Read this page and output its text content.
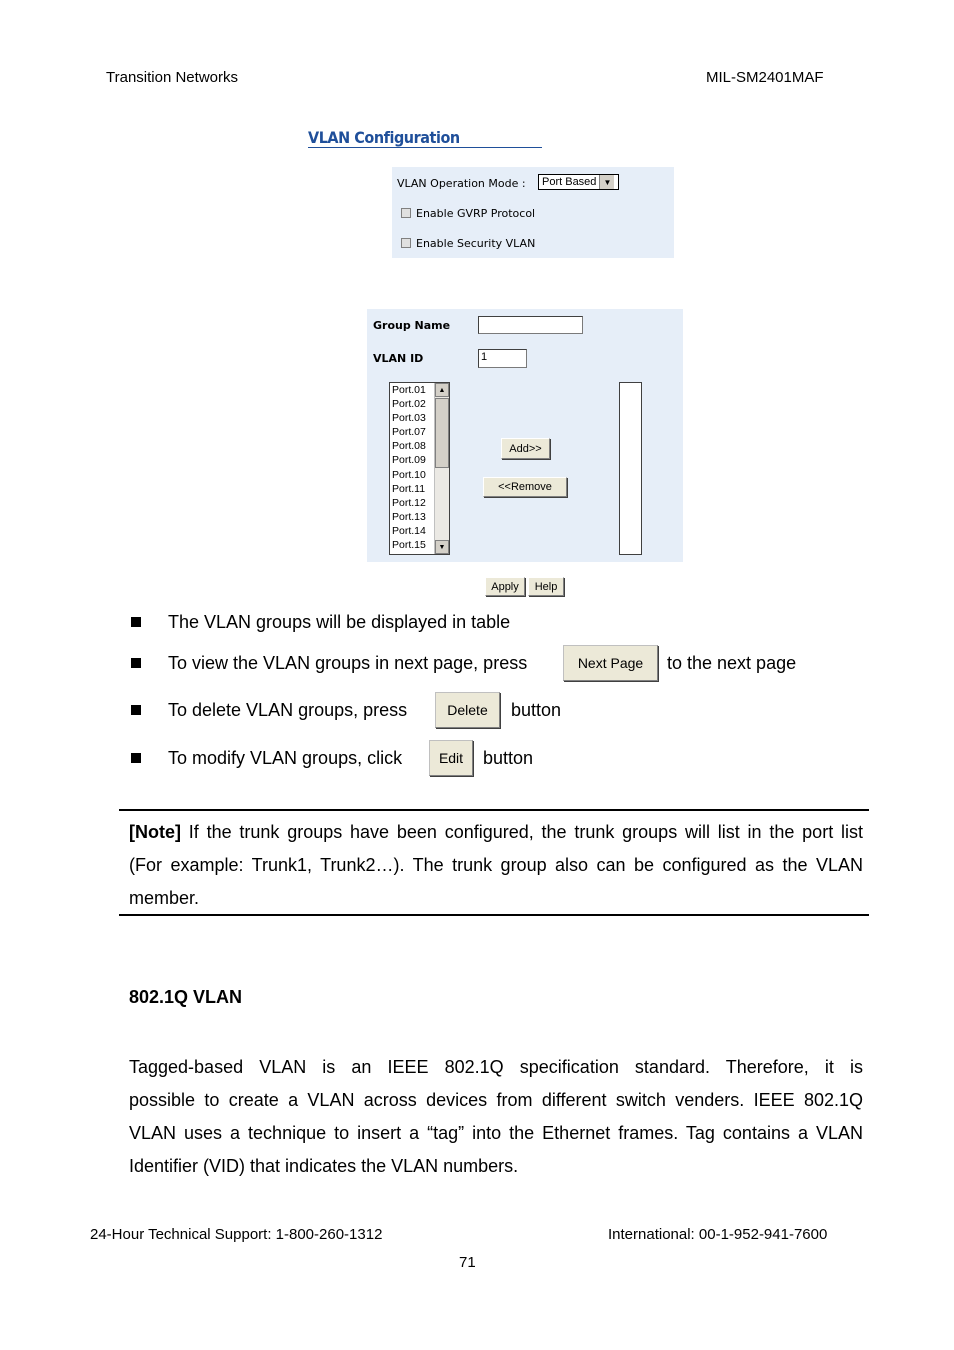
Transition Networks	MIL-SM2401MAF
VLAN Configuration
VLAN Operation Mode : Port Based ▼
Enable GVRP Protocol
Enable Security VLAN
Group Name
VLAN ID	1
Port.01
Port.02
Port.03
Port.07
Port.08
Port.09
Port.10
Port.11
Port.12
Port.13
Port.14
Port.15
▲
▼
Add>>
<<Remove
Apply	Help
The VLAN groups will be displayed in table
To view the VLAN groups in next page, press	Next Page	to the next page
To delete VLAN groups, press	Delete	button
To modify VLAN groups, click	Edit	button
[Note] If the trunk groups have been configured, the trunk groups will list in the port list
(For example: Trunk1, Trunk2…). The trunk group also can be configured as the VLAN
member.
802.1Q VLAN
Tagged-based VLAN is an IEEE 802.1Q specification standard. Therefore, it is
possible to create a VLAN across devices from different switch venders. IEEE 802.1Q
VLAN uses a technique to insert a “tag” into the Ethernet frames. Tag contains a VLAN
Identifier (VID) that indicates the VLAN numbers.
24-Hour Technical Support: 1-800-260-1312	International: 00-1-952-941-7600
71
